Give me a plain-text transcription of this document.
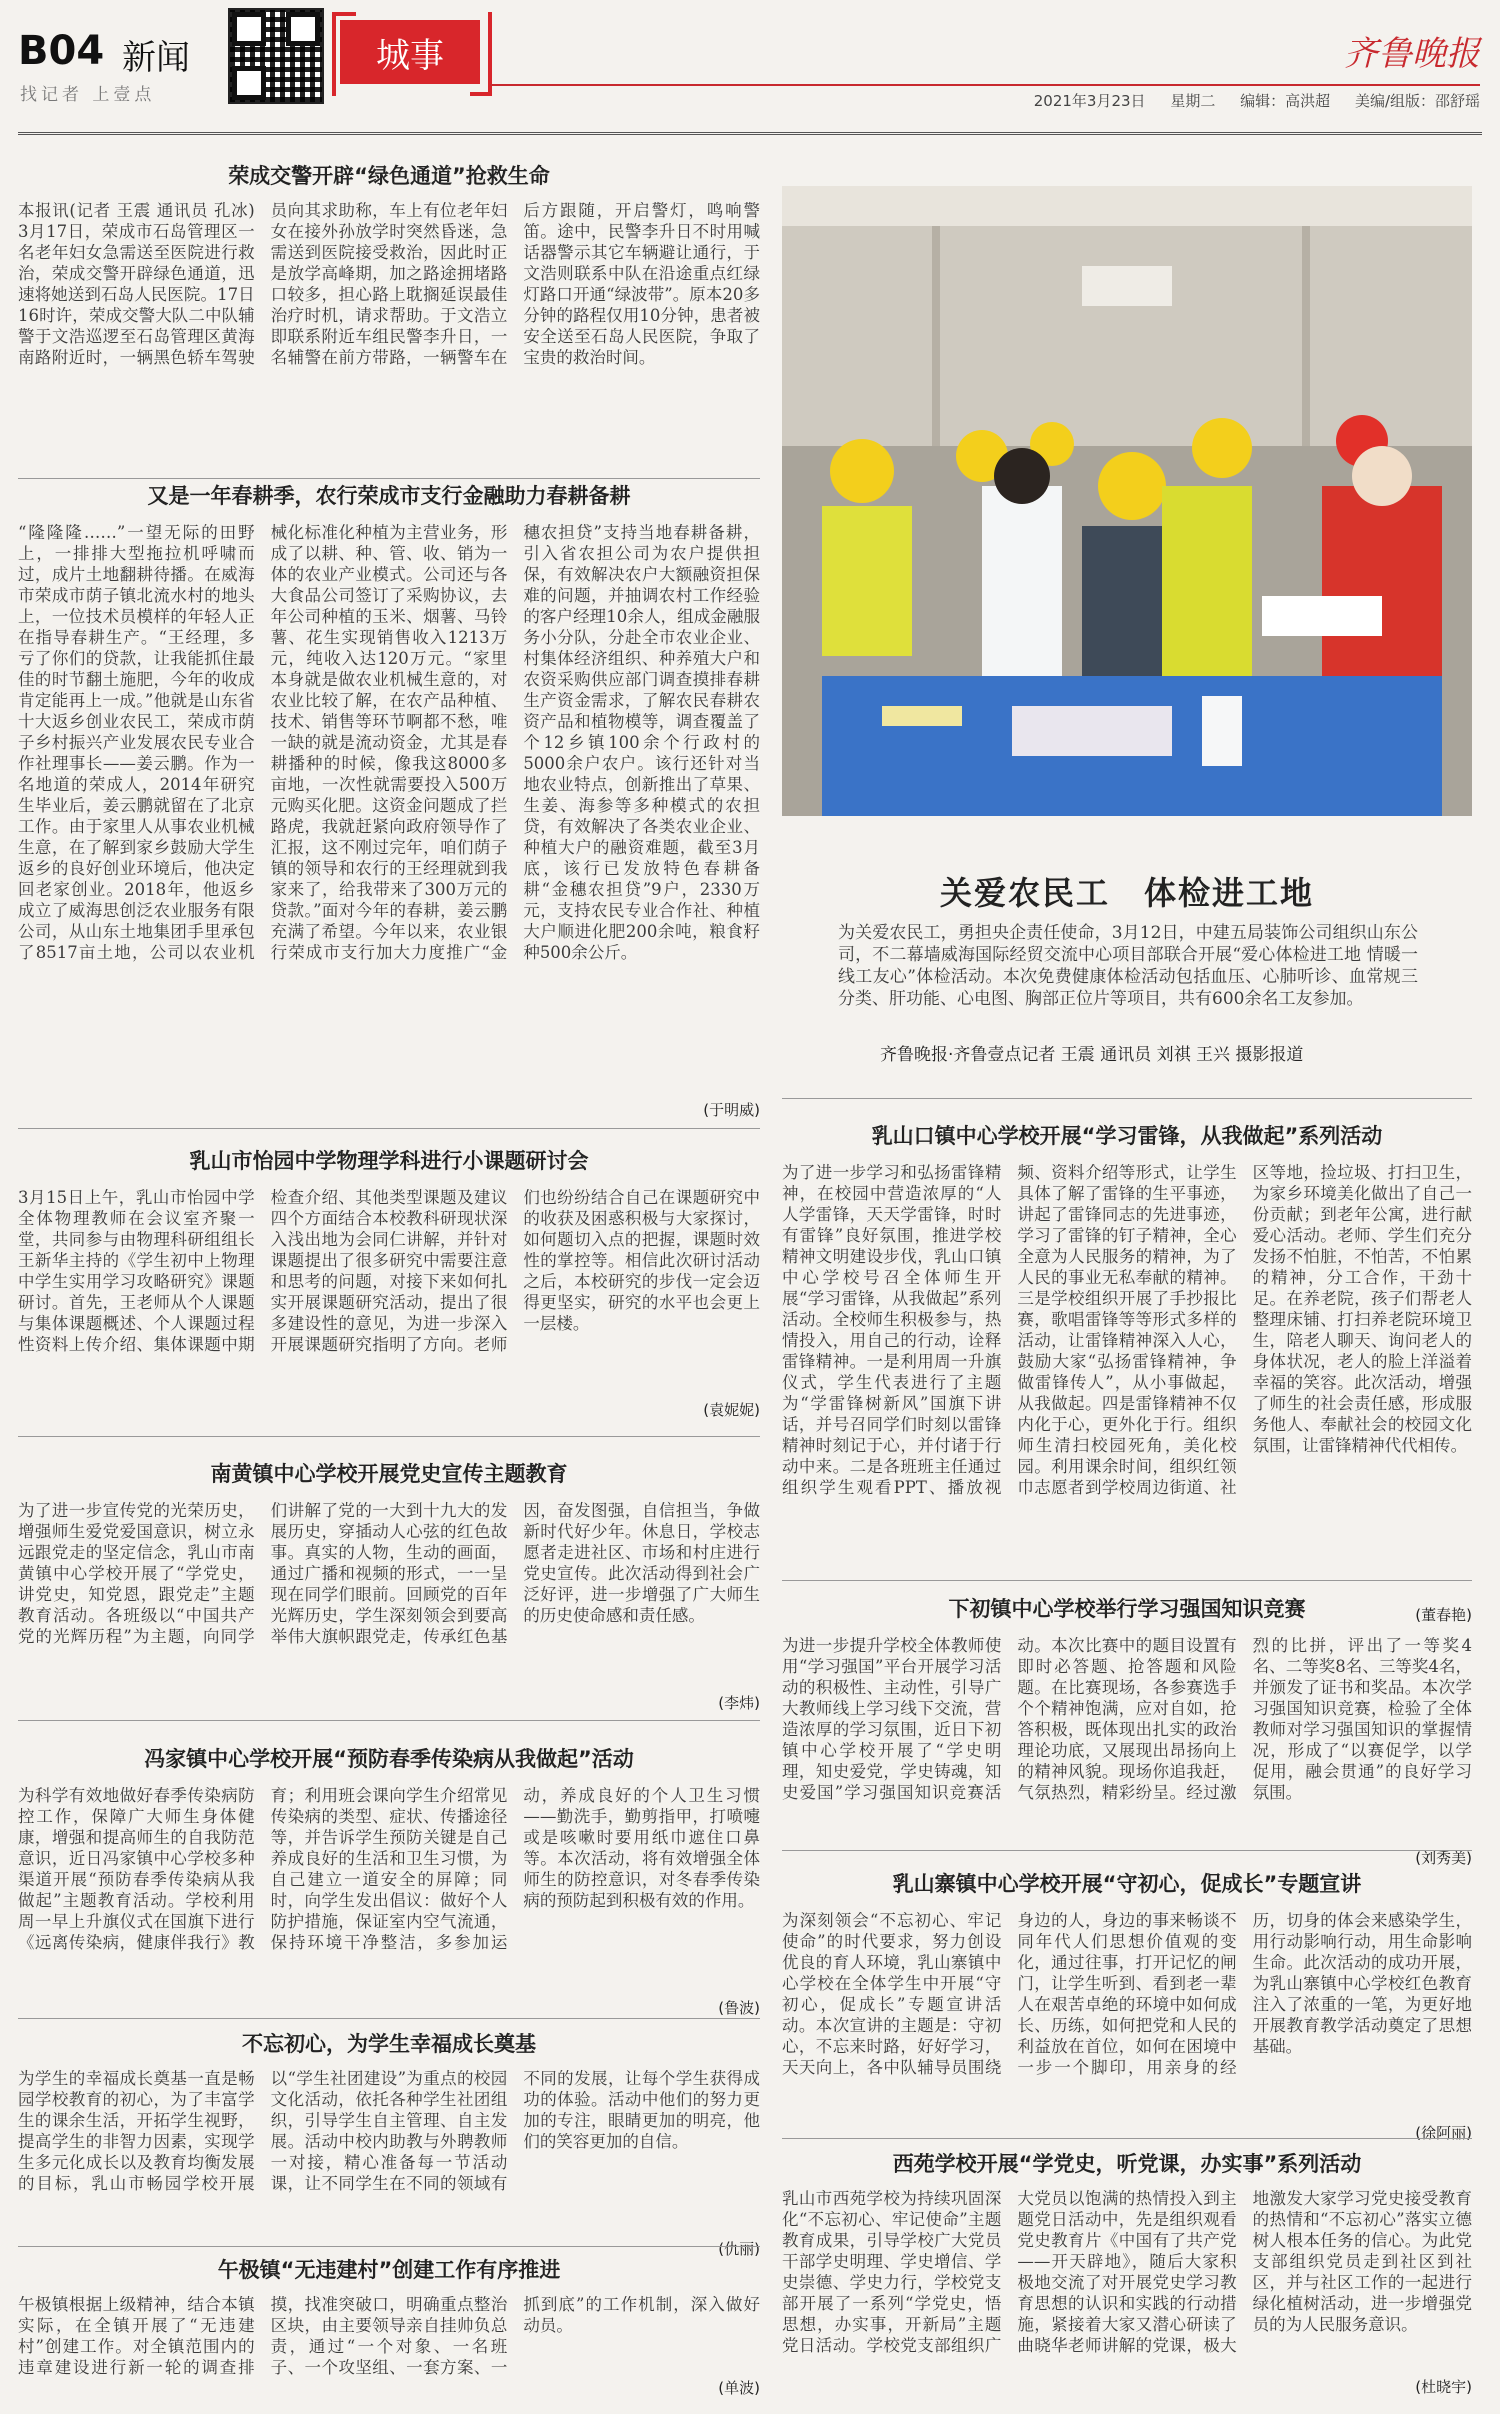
B04 新闻
找记者 上壹点
城事	齐鲁晚报
2021年3月23日 星期二 编辑：高洪超 美编/组版：邵舒瑶
荣成交警开辟“绿色通道”抢救生命
本报讯(记者 王震 通讯员 孔冰) 3月17日，荣成市石岛管理区一名老年妇女急需送至医院进行救治，荣成交警开辟绿色通道，迅速将她送到石岛人民医院。17日16时许，荣成交警大队二中队辅警于文浩巡逻至石岛管理区黄海南路附近时，一辆黑色轿车驾驶员向其求助称，车上有位老年妇女在接外孙放学时突然昏迷，急需送到医院接受救治，因此时正是放学高峰期，加之路途拥堵路口较多，担心路上耽搁延误最佳治疗时机，请求帮助。于文浩立即联系附近车组民警李升日，一名辅警在前方带路，一辆警车在后方跟随，开启警灯，鸣响警笛。途中，民警李升日不时用喊话器警示其它车辆避让通行，于文浩则联系中队在沿途重点红绿灯路口开通“绿波带”。原本20多分钟的路程仅用10分钟，患者被安全送至石岛人民医院，争取了宝贵的救治时间。
又是一年春耕季，农行荣成市支行金融助力春耕备耕
“隆隆隆……”一望无际的田野上，一排排大型拖拉机呼啸而过，成片土地翻耕待播。在威海市荣成市荫子镇北流水村的地头上，一位技术员模样的年轻人正在指导春耕生产。“王经理，多亏了你们的贷款，让我能抓住最佳的时节翻土施肥，今年的收成肯定能再上一成。”他就是山东省十大返乡创业农民工，荣成市荫子乡村振兴产业发展农民专业合作社理事长——姜云鹏。作为一名地道的荣成人，2014年研究生毕业后，姜云鹏就留在了北京工作。由于家里人从事农业机械生意，在了解到家乡鼓励大学生返乡的良好创业环境后，他决定回老家创业。2018年，他返乡成立了威海思创泛农业服务有限公司，从山东土地集团手里承包了8517亩土地，公司以农业机械化标准化种植为主营业务，形成了以耕、种、管、收、销为一体的农业产业模式。公司还与各大食品公司签订了采购协议，去年公司种植的玉米、烟薯、马铃薯、花生实现销售收入1213万元，纯收入达120万元。“家里本身就是做农业机械生意的，对农业比较了解，在农产品种植、技术、销售等环节啊都不愁，唯一缺的就是流动资金，尤其是春耕播种的时候，像我这8000多亩地，一次性就需要投入500万元购买化肥。这资金问题成了拦路虎，我就赶紧向政府领导作了汇报，这不刚过完年，咱们荫子镇的领导和农行的王经理就到我家来了，给我带来了300万元的贷款。”面对今年的春耕，姜云鹏充满了希望。今年以来，农业银行荣成市支行加大力度推广“金穗农担贷”支持当地春耕备耕，引入省农担公司为农户提供担保，有效解决农户大额融资担保难的问题，并抽调农村工作经验的客户经理10余人，组成金融服务小分队，分赴全市农业企业、村集体经济组织、种养殖大户和农资采购供应部门调查摸排春耕生产资金需求，了解农民春耕农资产品和植物模等，调查覆盖了个12乡镇100余个行政村的5000余户农户。该行还针对当地农业特点，创新推出了草果、生姜、海参等多种模式的农担贷，有效解决了各类农业企业、种植大户的融资难题，截至3月底，该行已发放特色春耕备耕“金穗农担贷”9户，2330万元，支持农民专业合作社、种植大户顺进化肥200余吨，粮食籽种500余公斤。
(于明威)
乳山市怡园中学物理学科进行小课题研讨会
3月15日上午，乳山市怡园中学全体物理教师在会议室齐聚一堂，共同参与由物理科研组组长王新华主持的《学生初中上物理中学生实用学习攻略研究》课题研讨。首先，王老师从个人课题与集体课题概述、个人课题过程性资料上传介绍、集体课题中期检查介绍、其他类型课题及建议四个方面结合本校教科研现状深入浅出地为会同仁讲解，并针对课题提出了很多研究中需要注意和思考的问题，对接下来如何扎实开展课题研究活动，提出了很多建设性的意见，为进一步深入开展课题研究指明了方向。老师们也纷纷结合自己在课题研究中的收获及困惑积极与大家探讨，如何题切入点的把握，课题时效性的掌控等。相信此次研讨活动之后，本校研究的步伐一定会迈得更坚实，研究的水平也会更上一层楼。
(袁妮妮)
南黄镇中心学校开展党史宣传主题教育
为了进一步宣传党的光荣历史，增强师生爱党爱国意识，树立永远跟党走的坚定信念，乳山市南黄镇中心学校开展了“学党史，讲党史，知党恩，跟党走”主题教育活动。各班级以“中国共产党的光辉历程”为主题，向同学们讲解了党的一大到十九大的发展历史，穿插动人心弦的红色故事。真实的人物，生动的画面，通过广播和视频的形式，一一呈现在同学们眼前。回顾党的百年光辉历史，学生深刻领会到要高举伟大旗帜跟党走，传承红色基因，奋发图强，自信担当，争做新时代好少年。休息日，学校志愿者走进社区、市场和村庄进行党史宣传。此次活动得到社会广泛好评，进一步增强了广大师生的历史使命感和责任感。
(李炜)
冯家镇中心学校开展“预防春季传染病从我做起”活动
为科学有效地做好春季传染病防控工作，保障广大师生身体健康，增强和提高师生的自我防范意识，近日冯家镇中心学校多种渠道开展“预防春季传染病从我做起”主题教育活动。学校利用周一早上升旗仪式在国旗下进行《远离传染病，健康伴我行》教育；利用班会课向学生介绍常见传染病的类型、症状、传播途径等，并告诉学生预防关键是自己养成良好的生活和卫生习惯，为自己建立一道安全的屏障；同时，向学生发出倡议：做好个人防护措施，保证室内空气流通，保持环境干净整洁，多参加运动，养成良好的个人卫生习惯——勤洗手，勤剪指甲，打喷嚏或是咳嗽时要用纸巾遮住口鼻等。本次活动，将有效增强全体师生的防控意识，对冬春季传染病的预防起到积极有效的作用。
(鲁波)
不忘初心，为学生幸福成长奠基
为学生的幸福成长奠基一直是畅园学校教育的初心，为了丰富学生的课余生活，开拓学生视野，提高学生的非智力因素，实现学生多元化成长以及教育均衡发展的目标，乳山市畅园学校开展以“学生社团建设”为重点的校园文化活动，依托各种学生社团组织，引导学生自主管理、自主发展。活动中校内助教与外聘教师一对接，精心准备每一节活动课，让不同学生在不同的领域有不同的发展，让每个学生获得成功的体验。活动中他们的努力更加的专注，眼睛更加的明亮，他们的笑容更加的自信。
(仇丽)
午极镇“无违建村”创建工作有序推进
午极镇根据上级精神，结合本镇实际，在全镇开展了“无违建村”创建工作。对全镇范围内的违章建设进行新一轮的调查排摸，找准突破口，明确重点整治区块，由主要领导亲自挂帅负总责，通过“一个对象、一名班子、一个攻坚组、一套方案、一抓到底”的工作机制，深入做好动员。
(单波)
关爱农民工　体检进工地
为关爱农民工，勇担央企责任使命，3月12日，中建五局装饰公司组织山东公司，不二幕墙威海国际经贸交流中心项目部联合开展“爱心体检进工地 情暖一线工友心”体检活动。本次免费健康体检活动包括血压、心肺听诊、血常规三分类、肝功能、心电图、胸部正位片等项目，共有600余名工友参加。
齐鲁晚报·齐鲁壹点记者 王震 通讯员 刘祺 王兴 摄影报道
乳山口镇中心学校开展“学习雷锋，从我做起”系列活动
为了进一步学习和弘扬雷锋精神，在校园中营造浓厚的“人人学雷锋，天天学雷锋，时时有雷锋”良好氛围，推进学校精神文明建设步伐，乳山口镇中心学校号召全体师生开展“学习雷锋，从我做起”系列活动。全校师生积极参与，热情投入，用自己的行动，诠释雷锋精神。一是利用周一升旗仪式，学生代表进行了主题为“学雷锋树新风”国旗下讲话，并号召同学们时刻以雷锋精神时刻记于心，并付诸于行动中来。二是各班班主任通过组织学生观看PPT、播放视频、资料介绍等形式，让学生具体了解了雷锋的生平事迹，讲起了雷锋同志的先进事迹，学习了雷锋的钉子精神，全心全意为人民服务的精神，为了人民的事业无私奉献的精神。三是学校组织开展了手抄报比赛，歌唱雷锋等等形式多样的活动，让雷锋精神深入人心，鼓励大家“弘扬雷锋精神，争做雷锋传人”，从小事做起，从我做起。四是雷锋精神不仅内化于心，更外化于行。组织师生清扫校园死角，美化校园。利用课余时间，组织红领巾志愿者到学校周边街道、社区等地，捡垃圾、打扫卫生，为家乡环境美化做出了自己一份贡献；到老年公寓，进行献爱心活动。老师、学生们充分发扬不怕脏，不怕苦，不怕累的精神，分工合作，干劲十足。在养老院，孩子们帮老人整理床铺、打扫养老院环境卫生，陪老人聊天、询问老人的身体状况，老人的脸上洋溢着幸福的笑容。此次活动，增强了师生的社会责任感，形成服务他人、奉献社会的校园文化氛围，让雷锋精神代代相传。
(董春艳)
下初镇中心学校举行学习强国知识竞赛
为进一步提升学校全体教师使用“学习强国”平台开展学习活动的积极性、主动性，引导广大教师线上学习线下交流，营造浓厚的学习氛围，近日下初镇中心学校开展了“学史明理，知史爱党，学史铸魂，知史爱国”学习强国知识竞赛活动。本次比赛中的题目设置有即时必答题、抢答题和风险题。在比赛现场，各参赛选手个个精神饱满，应对自如，抢答积极，既体现出扎实的政治理论功底，又展现出昂扬向上的精神风貌。现场你追我赶，气氛热烈，精彩纷呈。经过激烈的比拼，评出了一等奖4名、二等奖8名、三等奖4名，并颁发了证书和奖品。本次学习强国知识竞赛，检验了全体教师对学习强国知识的掌握情况，形成了“以赛促学，以学促用，融会贯通”的良好学习氛围。
(刘秀美)
乳山寨镇中心学校开展“守初心，促成长”专题宣讲
为深刻领会“不忘初心、牢记使命”的时代要求，努力创设优良的育人环境，乳山寨镇中心学校在全体学生中开展“守初心，促成长”专题宣讲活动。本次宣讲的主题是：守初心，不忘来时路，好好学习，天天向上，各中队辅导员围绕身边的人，身边的事来畅谈不同年代人们思想价值观的变化，通过往事，打开记忆的闸门，让学生听到、看到老一辈人在艰苦卓绝的环境中如何成长、历练，如何把党和人民的利益放在首位，如何在困境中一步一个脚印，用亲身的经历，切身的体会来感染学生，用行动影响行动，用生命影响生命。此次活动的成功开展，为乳山寨镇中心学校红色教育注入了浓重的一笔，为更好地开展教育教学活动奠定了思想基础。
(徐阿丽)
西苑学校开展“学党史，听党课，办实事”系列活动
乳山市西苑学校为持续巩固深化“不忘初心、牢记使命”主题教育成果，引导学校广大党员干部学史明理、学史增信、学史崇德、学史力行，学校党支部开展了一系列“学党史，悟思想，办实事，开新局”主题党日活动。学校党支部组织广大党员以饱满的热情投入到主题党日活动中，先是组织观看党史教育片《中国有了共产党——开天辟地》，随后大家积极地交流了对开展党史学习教育思想的认识和实践的行动措施，紧接着大家又潜心研读了曲晓华老师讲解的党课，极大地激发大家学习党史接受教育的热情和“不忘初心”落实立德树人根本任务的信心。为此党支部组织党员走到社区到社区，并与社区工作的一起进行绿化植树活动，进一步增强党员的为人民服务意识。
(杜晓宇)
